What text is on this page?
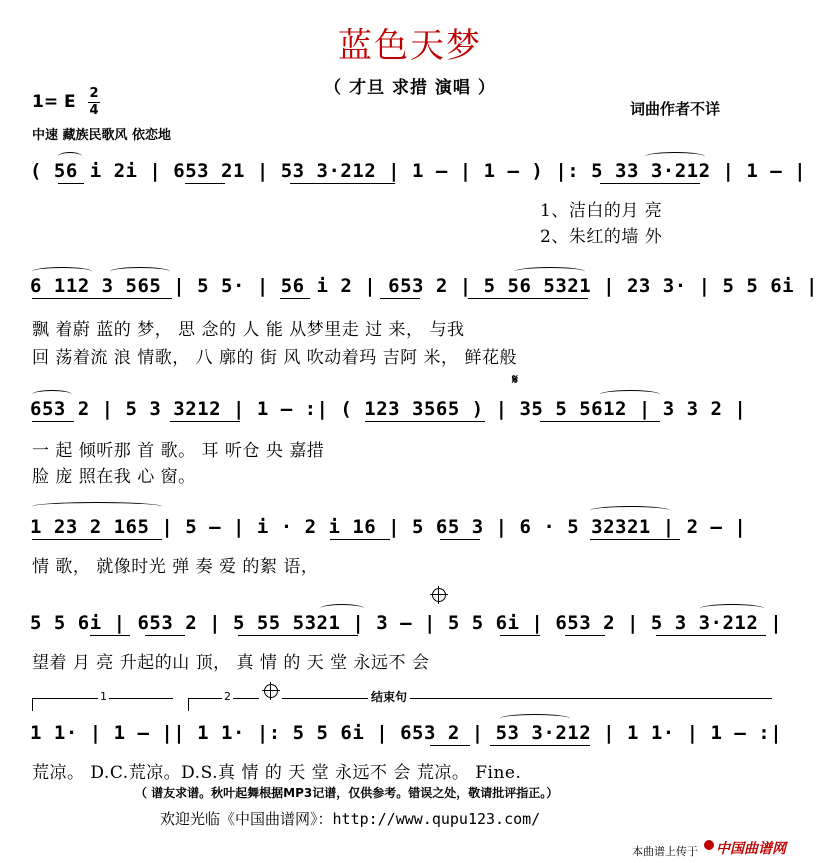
蓝色天梦
（ 才旦 求措 演唱 ）
词曲作者不详
1= E 2
4
中速 藏族民歌风 依恋地
( 56 i 2i | 653 21 | 53 3·212 | 1 – | 1 – ) |: 5 33 3·212 | 1 – |
1、洁白的月 亮
2、朱红的墙 外
6 112 3 565 | 5 5· | 56 i 2 | 653 2 | 5 56 5321 | 23 3· | 5 5 6i |
飘 着蔚 蓝的 梦， 思 念的 人 能 从梦里走 过 来， 与我
回 荡着流 浪 情歌， 八 廓的 街 风 吹动着玛 吉阿 米， 鲜花般
𝄋
653 2 | 5 3 3212 | 1 – :| ( 123 3565 ) | 35 5 5612 | 3 3 2 |
一 起 倾听那 首 歌。 耳 听仓 央 嘉措
脸 庞 照在我 心 窗。
1 23 2 165 | 5 – | i · 2 i 16 | 5 65 3 | 6 · 5 32321 | 2 – |
情 歌， 就像时光 弹 奏 爱 的絮 语，
5 5 6i | 653 2 | 5 55 5321 | 3 – | 5 5 6i | 653 2 | 5 3 3·212 |
望着 月 亮 升起的山 顶， 真 情 的 天 堂 永远不 会
1	2	结束句
1 1· | 1 – || 1 1· |: 5 5 6i | 653 2 | 53 3·212 | 1 1· | 1 – :|
荒凉。 D.C.荒凉。D.S.真 情 的 天 堂 永远不 会 荒凉。 Fine.
（ 谱友求谱。秋叶起舞根据MP3记谱，仅供参考。错误之处，敬请批评指正。）
欢迎光临《中国曲谱网》：http://www.qupu123.com/
本曲谱上传于 中国曲谱网
